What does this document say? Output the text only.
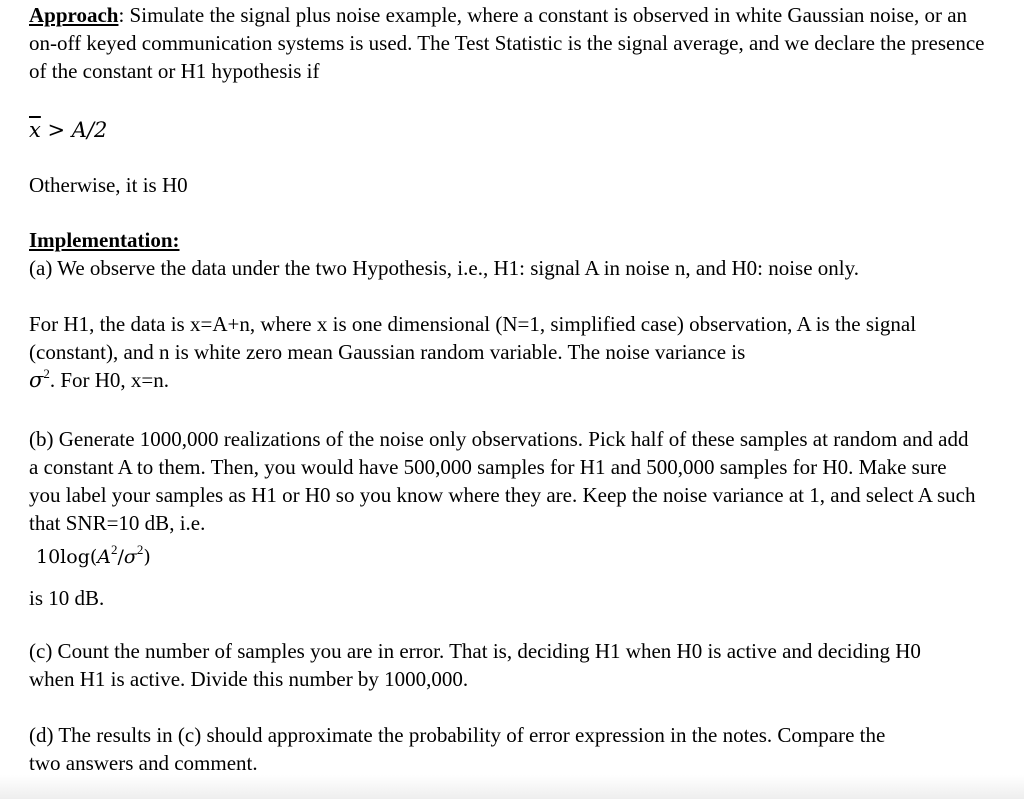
Approach: Simulate the signal plus noise example, where a constant is observed in white Gaussian noise, or an on-off keyed communication systems is used. The Test Statistic is the signal average, and we declare the presence of the constant or H1 hypothesis if

$\overline{x} > A/2$

Otherwise, it is H0

Implementation:

(a) We observe the data under the two Hypothesis, i.e., H1: signal A in noise n, and H0: noise only.

For H1, the data is x=A+n, where x is one dimensional (N=1, simplified case) observation, A is the signal (constant), and n is white zero mean Gaussian random variable. The noise variance is
$\sigma^2$. For H0, x=n.

(b) Generate 1000,000 realizations of the noise only observations. Pick half of these samples at random and add a constant A to them. Then, you would have 500,000 samples for H1 and 500,000 samples for H0. Make sure you label your samples as H1 or H0 so you know where they are. Keep the noise variance at 1, and select A such that SNR=10 dB, i.e.

$10\log(A^2/\sigma^2)$

is 10 dB.

(c) Count the number of samples you are in error. That is, deciding H1 when H0 is active and deciding H0 when H1 is active. Divide this number by 1000,000.

(d) The results in (c) should approximate the probability of error expression in the notes. Compare the two answers and comment.
